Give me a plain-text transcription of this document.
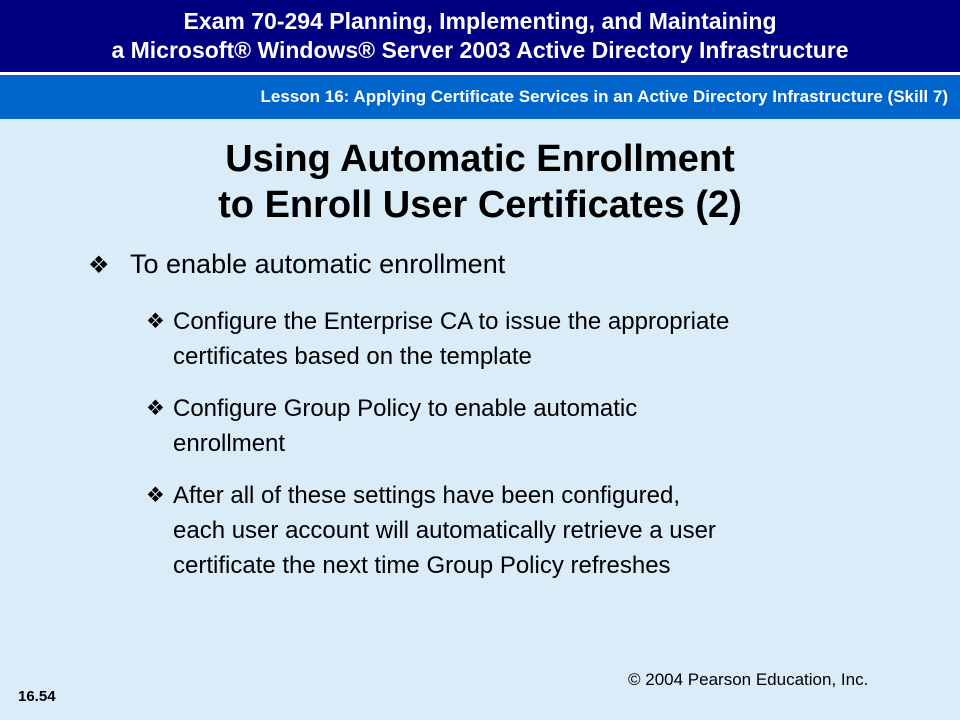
Exam 70-294 Planning, Implementing, and Maintaining
a Microsoft® Windows® Server 2003 Active Directory Infrastructure
Lesson 16: Applying Certificate Services in an Active Directory Infrastructure (Skill 7)
Using Automatic Enrollment
to Enroll User Certificates (2)
❖ To enable automatic enrollment
❖ Configure the Enterprise CA to issue the appropriate
certificates based on the template
❖ Configure Group Policy to enable automatic
enrollment
❖ After all of these settings have been configured,
each user account will automatically retrieve a user
certificate the next time Group Policy refreshes
16.54
© 2004 Pearson Education, Inc.
